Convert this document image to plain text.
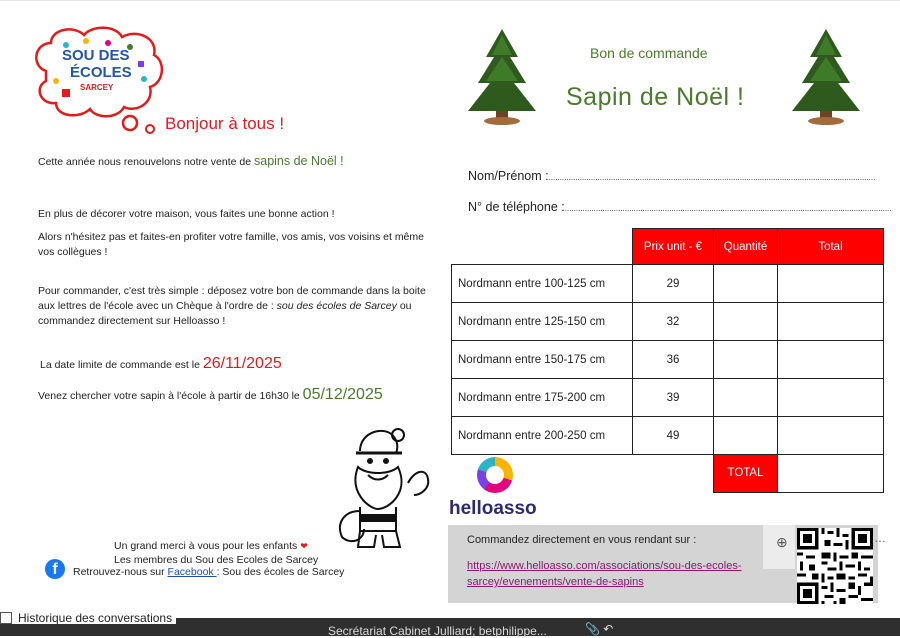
SOU DES
ÉCOLES
SARCEY
Bonjour à tous !
Cette année nous renouvelons notre vente de sapins de Noël !
En plus de décorer votre maison, vous faites une bonne action !
Alors n'hésitez pas et faites-en profiter votre famille, vos amis, vos voisins et même vos collègues !
Pour commander, c'est très simple : déposez votre bon de commande dans la boite aux lettres de l'école avec un Chèque à l'ordre de : sou des écoles de Sarcey ou commandez directement sur Helloasso !
La date limite de commande est le 26/11/2025
Venez chercher votre sapin à l'école à partir de 16h30 le 05/12/2025
Un grand merci à vous pour les enfants ❤
Les membres du Sou des Ecoles de Sarcey
f	Retrouvez-nous sur Facebook : Sou des écoles de Sarcey
Bon de commande
Sapin de Noël !
Nom/Prénom :...................................................................................................................................................
N° de téléphone :...................................................................................................................................................
	Prix unit - €	Quantité	Total
Nordmann entre 100-125 cm	29		
Nordmann entre 125-150 cm	32		
Nordmann entre 150-175 cm	36		
Nordmann entre 175-200 cm	39		
Nordmann entre 200-250 cm	49		
		TOTAL	
helloasso
Commandez directement en vous rendant sur :
https://www.helloasso.com/associations/sou-des-ecoles-
sarcey/evenements/vente-de-sapins
⊕	…
Historique des conversations
Secrétariat Cabinet Julliard; betphilippe...	📎 ↶
